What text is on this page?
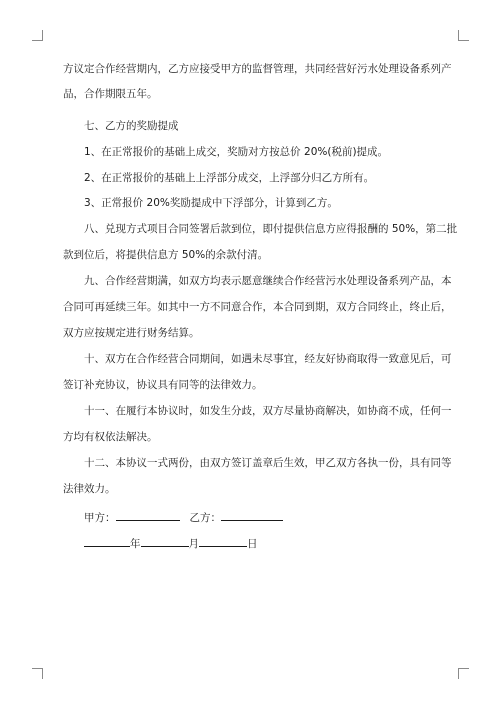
方议定合作经营期内，乙方应接受甲方的监督管理，共同经营好污水处理设备系列产
品，合作期限五年。
七、乙方的奖励提成
1、在正常报价的基础上成交，奖励对方按总价 20%(税前)提成。
2、在正常报价的基础上上浮部分成交，上浮部分归乙方所有。
3、正常报价 20%奖励提成中下浮部分，计算到乙方。
八、兑现方式项目合同签署后款到位，即付提供信息方应得报酬的 50%，第二批
款到位后，将提供信息方 50%的余款付清。
九、合作经营期满，如双方均表示愿意继续合作经营污水处理设备系列产品，本
合同可再延续三年。如其中一方不同意合作，本合同到期，双方合同终止，终止后，
双方应按规定进行财务结算。
十、双方在合作经营合同期间，如遇未尽事宜，经友好协商取得一致意见后，可
签订补充协议，协议具有同等的法律效力。
十一、在履行本协议时，如发生分歧，双方尽量协商解决，如协商不成，任何一
方均有权依法解决。
十二、本协议一式两份，由双方签订盖章后生效，甲乙双方各执一份，具有同等
法律效力。
甲方：	乙方：
年	月	日
